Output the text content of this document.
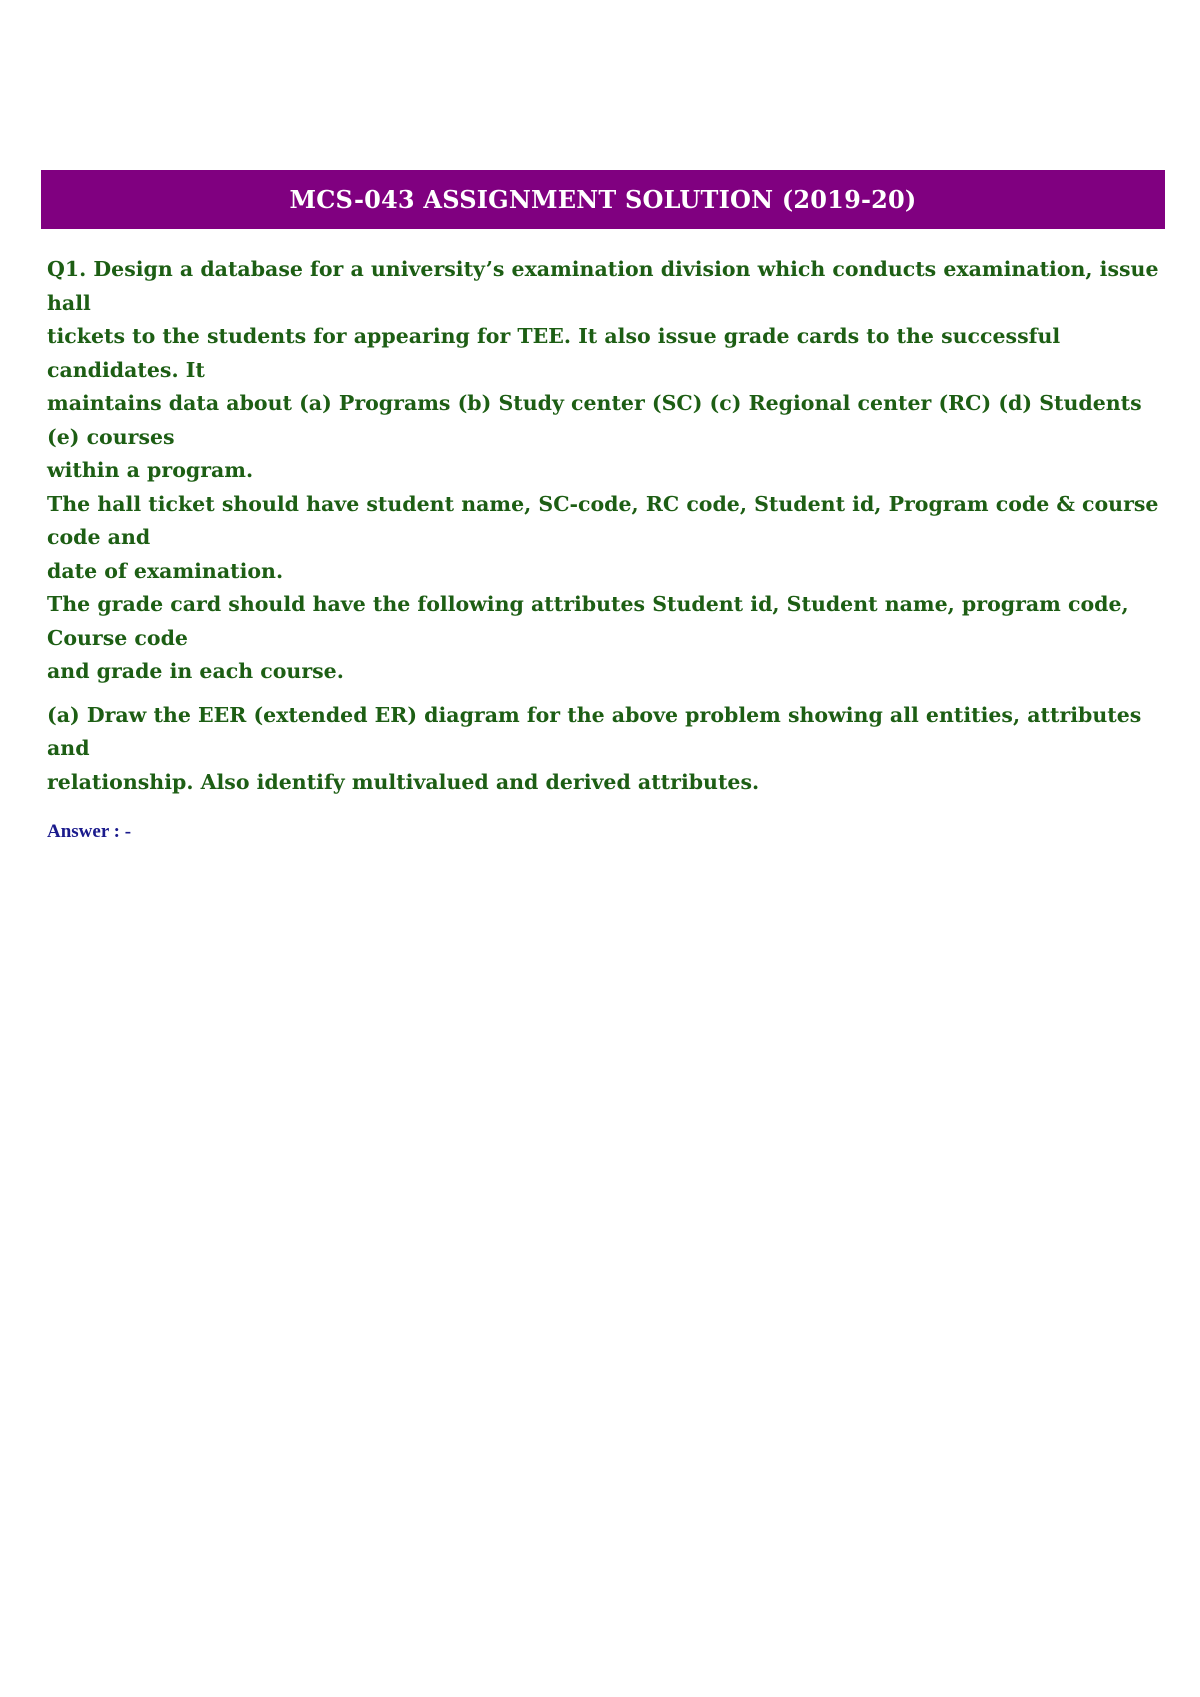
MCS-043 ASSIGNMENT SOLUTION (2019-20)

Q1. Design a database for a university’s examination division which conducts examination, issue hall
tickets to the students for appearing for TEE. It also issue grade cards to the successful candidates. It
maintains data about (a) Programs (b) Study center (SC) (c) Regional center (RC) (d) Students (e) courses
within a program.

The hall ticket should have student name, SC-code, RC code, Student id, Program code & course code and
date of examination.

The grade card should have the following attributes Student id, Student name, program code, Course code
and grade in each course.

(a) Draw the EER (extended ER) diagram for the above problem showing all entities, attributes and
relationship. Also identify multivalued and derived attributes.

Answer : -
